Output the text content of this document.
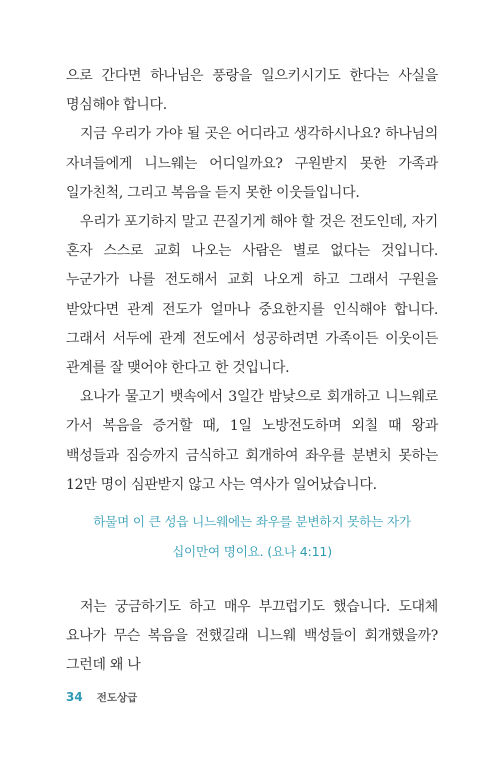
으로 간다면 하나님은 풍랑을 일으키시기도 한다는 사실을 명심해야 합니다.

지금 우리가 가야 될 곳은 어디라고 생각하시나요? 하나님의 자녀들에게 니느웨는 어디일까요? 구원받지 못한 가족과 일가친척, 그리고 복음을 듣지 못한 이웃들입니다.

우리가 포기하지 말고 끈질기게 해야 할 것은 전도인데, 자기 혼자 스스로 교회 나오는 사람은 별로 없다는 것입니다. 누군가가 나를 전도해서 교회 나오게 하고 그래서 구원을 받았다면 관계 전도가 얼마나 중요한지를 인식해야 합니다. 그래서 서두에 관계 전도에서 성공하려면 가족이든 이웃이든 관계를 잘 맺어야 한다고 한 것입니다.

요나가 물고기 뱃속에서 3일간 밤낮으로 회개하고 니느웨로 가서 복음을 증거할 때, 1일 노방전도하며 외칠 때 왕과 백성들과 짐승까지 금식하고 회개하여 좌우를 분변치 못하는 12만 명이 심판받지 않고 사는 역사가 일어났습니다.

하물며 이 큰 성읍 니느웨에는 좌우를 분변하지 못하는 자가

십이만여 명이요. (요나 4:11)

저는 궁금하기도 하고 매우 부끄럽기도 했습니다. 도대체 요나가 무슨 복음을 전했길래 니느웨 백성들이 회개했을까? 그런데 왜 나

34 전도상급
